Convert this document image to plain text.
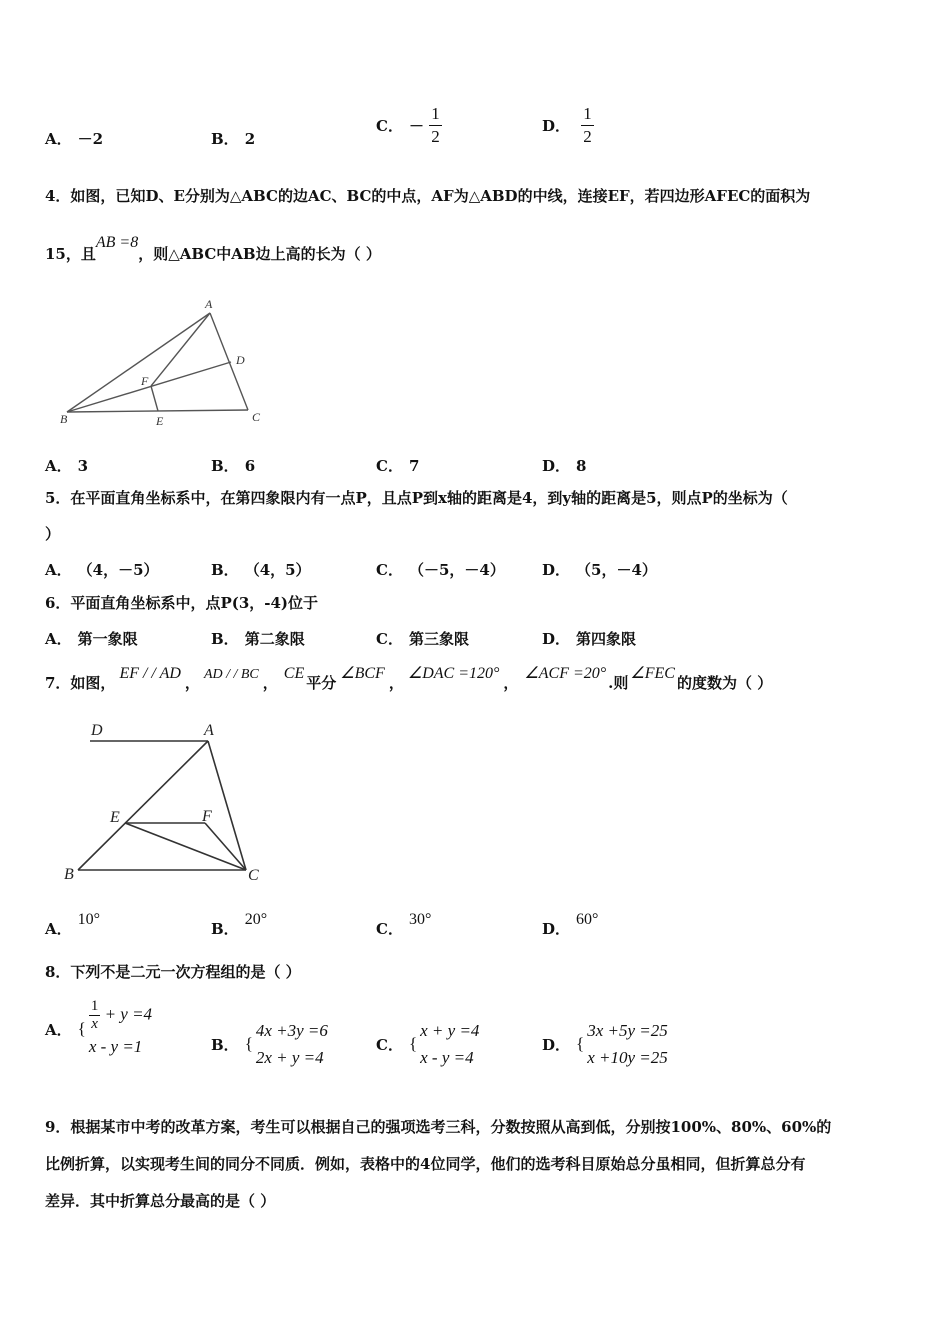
A． －2	B． 2
C． － $\frac{1}{2}$	D． $\frac{1}{2}$
4．如图，已知D、E分别为△ABC的边AC、BC的中点，AF为△ABD的中线，连接EF，若四边形AFEC的面积为
15，且AB =8，则△ABC中AB边上高的长为（ ）
A
D
F
B	E	C
A． 3	B． 6	C． 7	D． 8
5．在平面直角坐标系中，在第四象限内有一点P，且点P到x轴的距离是4，到y轴的距离是5，则点P的坐标为（
）
A． （4，－5）	B． （4，5）	C． （－5，－4） D． （5，－4）
6．平面直角坐标系中，点P(3，-4)位于
A． 第一象限	B． 第二象限	C． 第三象限	D． 第四象限
7．如图，EF / / AD， AD / / BC ，CE平分∠BCF，∠DAC =120°，∠ACF =20°.则∠FEC的度数为（ ）
D	A
E	F
B	C
A．10°
B．20°
C．30°
D．60°
8．下列不是二元一次方程组的是（ ）
A． { $\frac{1}{x} + y =4$
x - y =1	B． {
4x +3y =6
2x + y =4
C． {
x + y =4
x - y =4
D． {
3x +5y =25
x +10y =25
9．根据某市中考的改革方案，考生可以根据自己的强项选考三科，分数按照从高到低，分别按100%、80%、60%的
比例折算，以实现考生间的同分不同质．例如，表格中的4位同学，他们的选考科目原始总分虽相同，但折算总分有
差异．其中折算总分最高的是（ ）
